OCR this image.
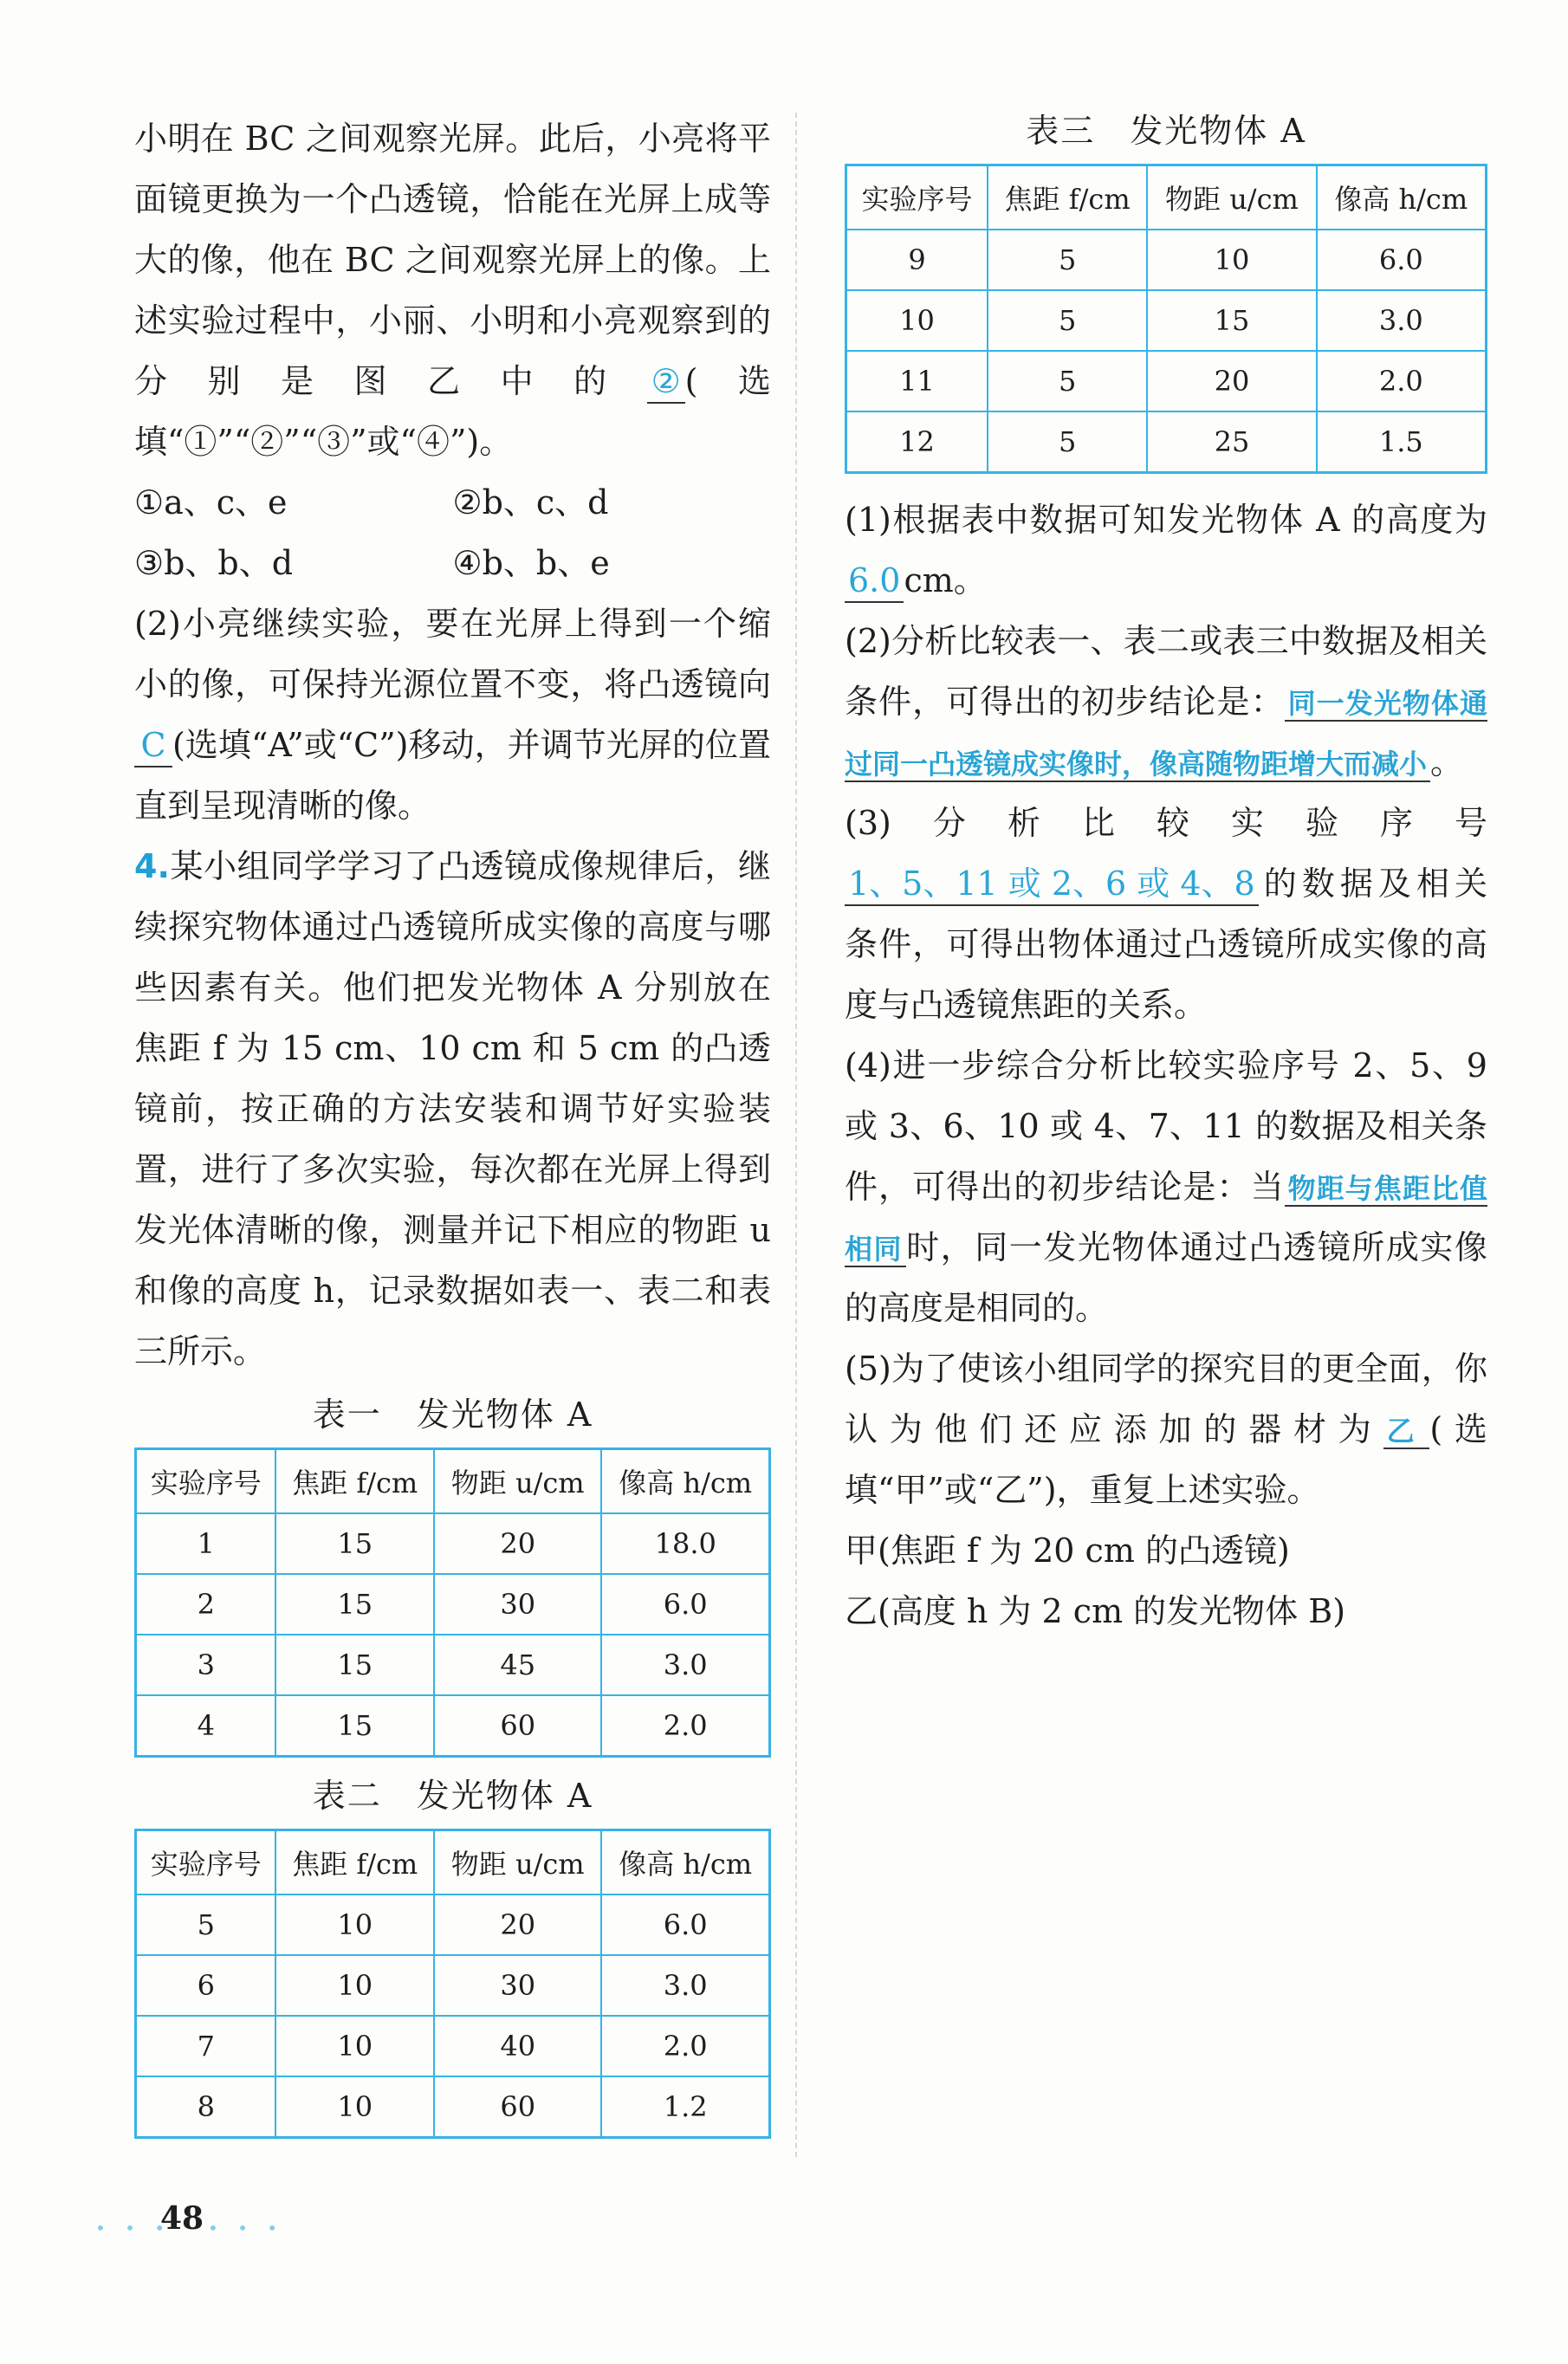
小明在 BC 之间观察光屏。此后，小亮将平面镜更换为一个凸透镜，恰能在光屏上成等大的像，他在 BC 之间观察光屏上的像。上述实验过程中，小丽、小明和小亮观察到的分别是图乙中的 ② (选填“①”“②”“③”或“④”)。

①a、c、e	②b、c、d
③b、b、d	④b、b、e

(2)小亮继续实验，要在光屏上得到一个缩小的像，可保持光源位置不变，将凸透镜向C (选填“A”或“C”)移动，并调节光屏的位置直到呈现清晰的像。

4.某小组同学学习了凸透镜成像规律后，继续探究物体通过凸透镜所成实像的高度与哪些因素有关。他们把发光物体 A 分别放在焦距 f 为 15 cm、10 cm 和 5 cm 的凸透镜前，按正确的方法安装和调节好实验装置，进行了多次实验，每次都在光屏上得到发光体清晰的像，测量并记下相应的物距 u 和像的高度 h，记录数据如表一、表二和表三所示。

表一　发光物体 A
实验序号	焦距 f/cm	物距 u/cm	像高 h/cm
1	15	20	18.0
2	15	30	6.0
3	15	45	3.0
4	15	60	2.0
表二　发光物体 A
实验序号	焦距 f/cm	物距 u/cm	像高 h/cm
5	10	20	6.0
6	10	30	3.0
7	10	40	2.0
8	10	60	1.2
表三　发光物体 A
实验序号	焦距 f/cm	物距 u/cm	像高 h/cm
9	5	10	6.0
10	5	15	3.0
11	5	20	2.0
12	5	25	1.5

(1)根据表中数据可知发光物体 A 的高度为6.0 cm。

(2)分析比较表一、表二或表三中数据及相关条件，可得出的初步结论是： 同一发光物体通过同一凸透镜成实像时，像高随物距增大而减小 。

(3)分析比较实验序号1、5、11 或 2、6 或 4、8 的数据及相关条件，可得出物体通过凸透镜所成实像的高度与凸透镜焦距的关系。

(4)进一步综合分析比较实验序号 2、5、9 或 3、6、10 或 4、7、11 的数据及相关条件，可得出的初步结论是：当 物距与焦距比值相同 时，同一发光物体通过凸透镜所成实像的高度是相同的。

(5)为了使该小组同学的探究目的更全面，你认为他们还应添加的器材为 乙 (选填“甲”或“乙”)，重复上述实验。

甲(焦距 f 为 20 cm 的凸透镜)

乙(高度 h 为 2 cm 的发光物体 B)

• • •
48 • • •
